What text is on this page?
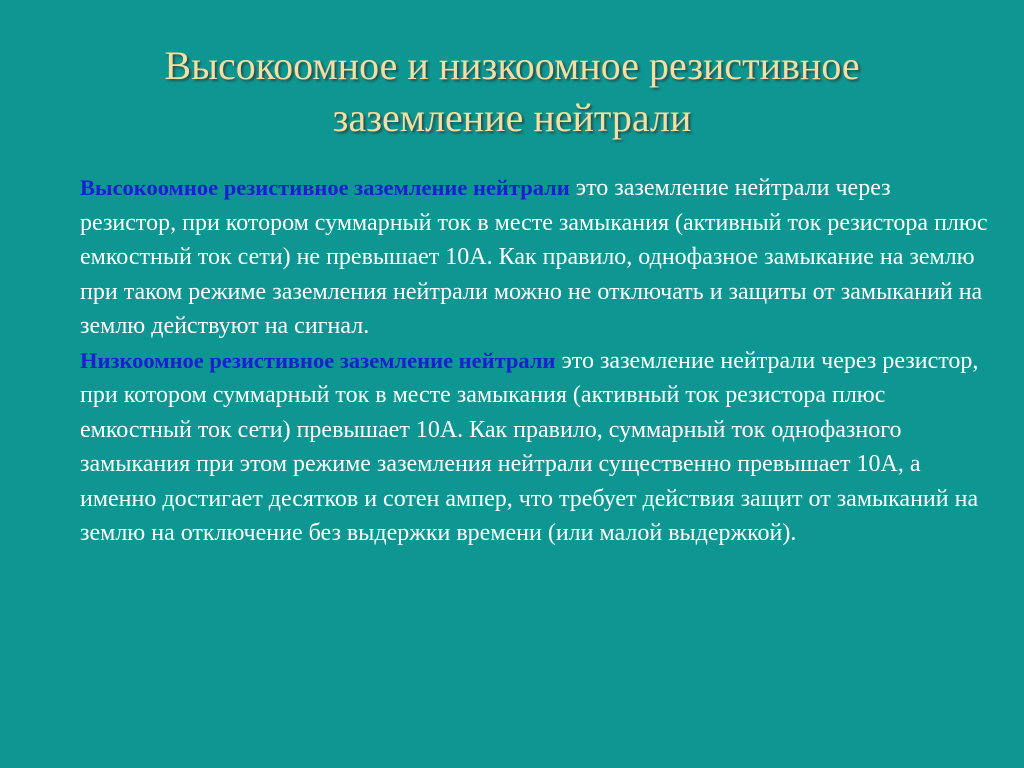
Высокоомное и низкоомное резистивное
заземление нейтрали

Высокоомное резистивное заземление нейтрали это заземление нейтрали через резистор, при котором суммарный ток в месте замыкания (активный ток резистора плюс емкостный ток сети) не превышает 10А. Как правило, однофазное замыкание на землю при таком режиме заземления нейтрали можно не отключать и защиты от замыканий на землю действуют на сигнал.

Низкоомное резистивное заземление нейтрали это заземление нейтрали через резистор, при котором суммарный ток в месте замыкания (активный ток резистора плюс емкостный ток сети) превышает 10А. Как правило, суммарный ток однофазного замыкания при этом режиме заземления нейтрали существенно превышает 10А, а именно достигает десятков и сотен ампер, что требует действия защит от замыканий на землю на отключение без выдержки времени (или малой выдержкой).
